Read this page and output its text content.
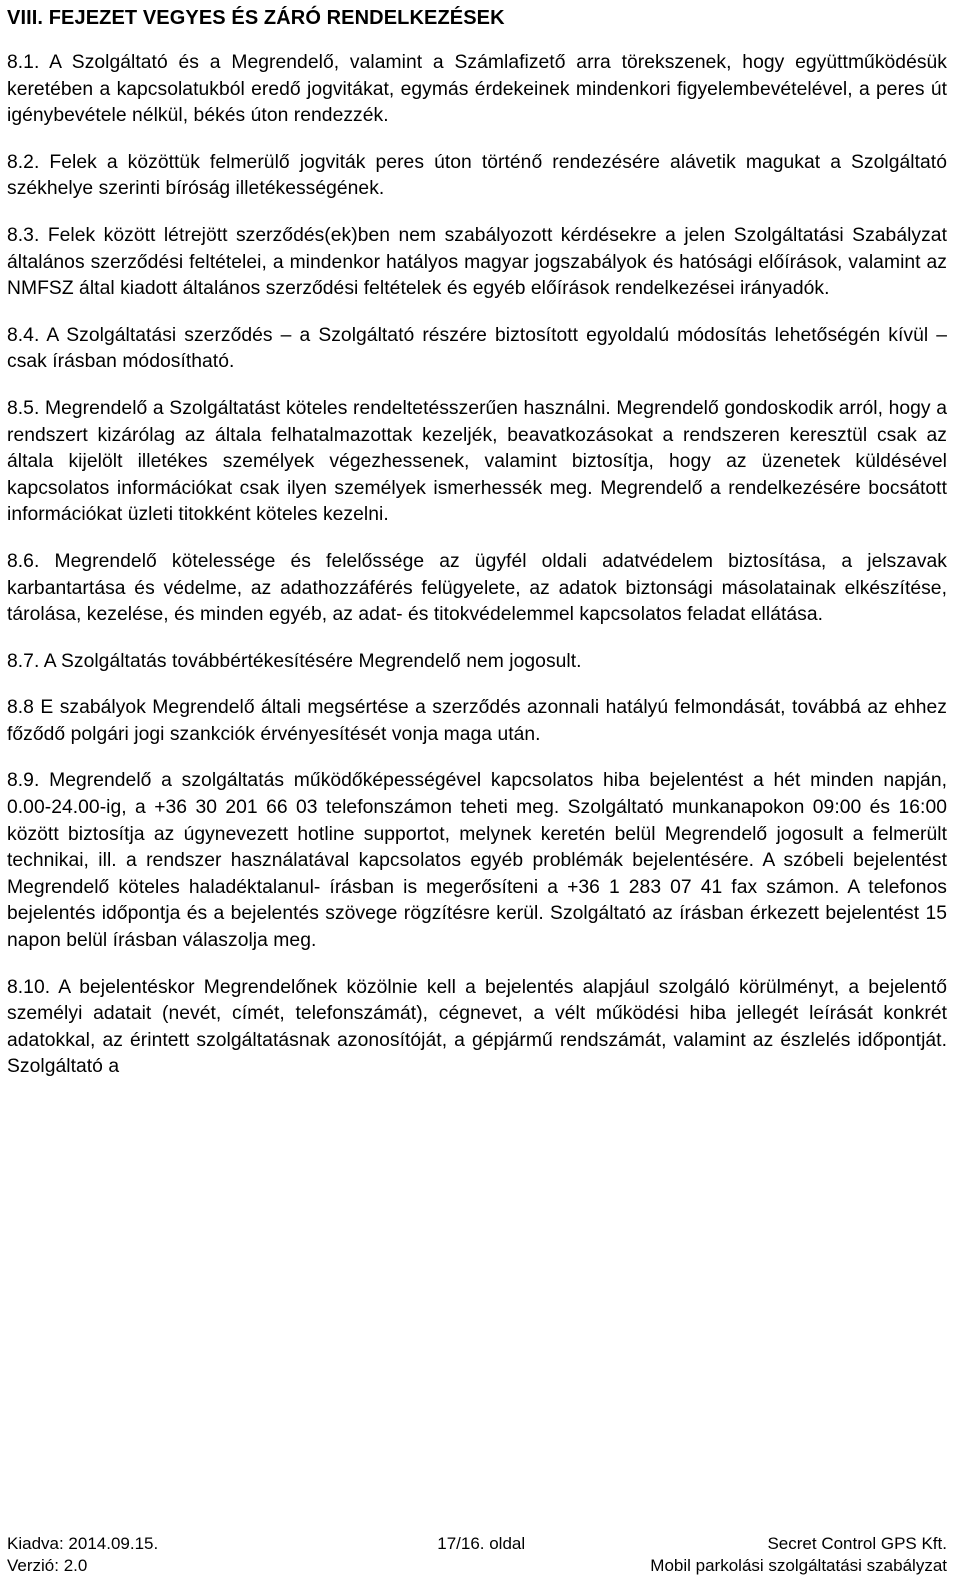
VIII. FEJEZET VEGYES ÉS ZÁRÓ RENDELKEZÉSEK
8.1. A Szolgáltató és a Megrendelő, valamint a Számlafizető arra törekszenek, hogy együttműködésük keretében a kapcsolatukból eredő jogvitákat, egymás érdekeinek mindenkori figyelembevételével, a peres út igénybevétele nélkül, békés úton rendezzék.
8.2. Felek a közöttük felmerülő jogviták peres úton történő rendezésére alávetik magukat a Szolgáltató székhelye szerinti bíróság illetékességének.
8.3. Felek között létrejött szerződés(ek)ben nem szabályozott kérdésekre a jelen Szolgáltatási Szabályzat általános szerződési feltételei, a mindenkor hatályos magyar jogszabályok és hatósági előírások, valamint az NMFSZ által kiadott általános szerződési feltételek és egyéb előírások rendelkezései irányadók.
8.4. A Szolgáltatási szerződés – a Szolgáltató részére biztosított egyoldalú módosítás lehetőségén kívül – csak írásban módosítható.
8.5. Megrendelő a Szolgáltatást köteles rendeltetésszerűen használni. Megrendelő gondoskodik arról, hogy a rendszert kizárólag az általa felhatalmazottak kezeljék, beavatkozásokat a rendszeren keresztül csak az általa kijelölt illetékes személyek végezhessenek, valamint biztosítja, hogy az üzenetek küldésével kapcsolatos információkat csak ilyen személyek ismerhessék meg. Megrendelő a rendelkezésére bocsátott információkat üzleti titokként köteles kezelni.
8.6. Megrendelő kötelessége és felelőssége az ügyfél oldali adatvédelem biztosítása, a jelszavak karbantartása és védelme, az adathozzáférés felügyelete, az adatok biztonsági másolatainak elkészítése, tárolása, kezelése, és minden egyéb, az adat- és titokvédelemmel kapcsolatos feladat ellátása.
8.7. A Szolgáltatás továbbértékesítésére Megrendelő nem jogosult.
8.8 E szabályok Megrendelő általi megsértése a szerződés azonnali hatályú felmondását, továbbá az ehhez főződő polgári jogi szankciók érvényesítését vonja maga után.
8.9. Megrendelő a szolgáltatás működőképességével kapcsolatos hiba bejelentést a hét minden napján, 0.00-24.00-ig, a +36 30 201 66 03 telefonszámon teheti meg. Szolgáltató munkanapokon 09:00 és 16:00 között biztosítja az úgynevezett hotline supportot, melynek keretén belül Megrendelő jogosult a felmerült technikai, ill. a rendszer használatával kapcsolatos egyéb problémák bejelentésére. A szóbeli bejelentést Megrendelő köteles haladéktalanul- írásban is megerősíteni a +36 1 283 07 41 fax számon. A telefonos bejelentés időpontja és a bejelentés szövege rögzítésre kerül. Szolgáltató az írásban érkezett bejelentést 15 napon belül írásban válaszolja meg.
8.10. A bejelentéskor Megrendelőnek közölnie kell a bejelentés alapjául szolgáló körülményt, a bejelentő személyi adatait (nevét, címét, telefonszámát), cégnevet, a vélt működési hiba jellegét leírását konkrét adatokkal, az érintett szolgáltatásnak azonosítóját, a gépjármű rendszámát, valamint az észlelés időpontját. Szolgáltató a
Kiadva: 2014.09.15.	17/16. oldal	Secret Control GPS Kft.
Verzió: 2.0	Mobil parkolási szolgáltatási szabályzat
